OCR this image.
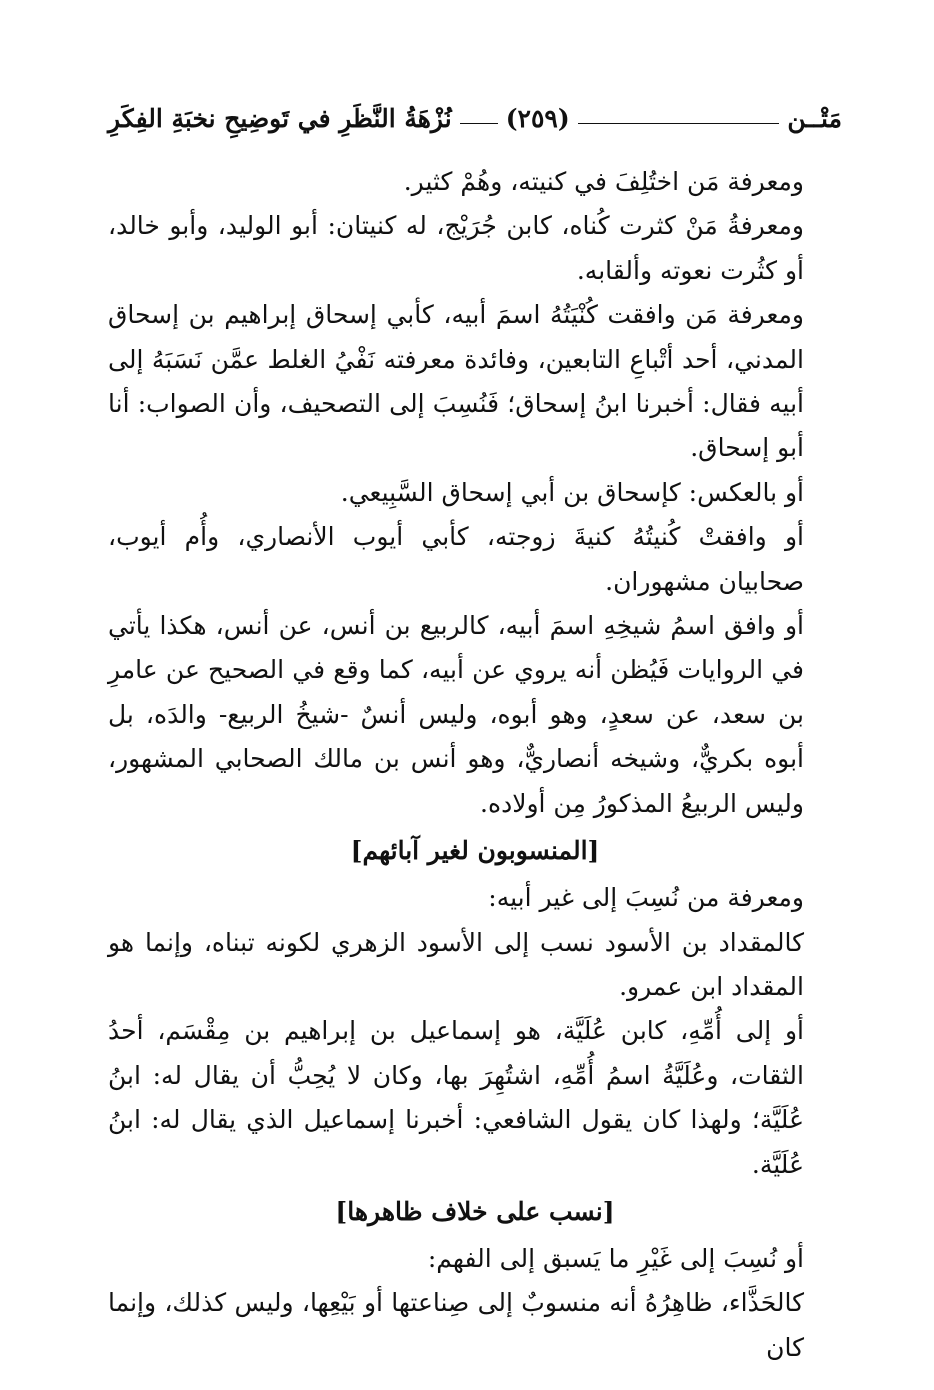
مَتْــن
(٢٥٩)
نُزْهَةُ النَّظَرِ في تَوضِيحِ نخبَةِ الفِكَرِ

ومعرفة مَن اختُلِفَ في كنيته، وهُمْ كثير.

ومعرفةُ مَنْ كثرت كُناه، كابن جُرَيْج، له كنيتان: أبو الوليد، وأبو خالد، أو كثُرت نعوته وألقابه.

ومعرفة مَن وافقت كُنْيَتُهُ اسمَ أبيه، كأبي إسحاق إبراهيم بن إسحاق المدني، أحد أتْباعِ التابعين، وفائدة معرفته نَفْيُ الغلط عمَّن نَسَبَهُ إلى أبيه فقال: أخبرنا ابنُ إسحاق؛ فَنُسِبَ إلى التصحيف، وأن الصواب: أنا أبو إسحاق.

أو بالعكس: كإسحاق بن أبي إسحاق السَّبِيعي.

أو وافقتْ كُنيتُهُ كنيةَ زوجته، كأبي أيوب الأنصاري، وأُم أيوب، صحابيان مشهوران.

أو وافق اسمُ شيخِهِ اسمَ أبيه، كالربيع بن أنس، عن أنس، هكذا يأتي في الروايات فَيُظن أنه يروي عن أبيه، كما وقع في الصحيح عن عامرِ بن سعد، عن سعدٍ، وهو أبوه، وليس أنسٌ -شيخُ الربيع- والدَه، بل أبوه بكريٌّ، وشيخه أنصاريٌّ، وهو أنس بن مالك الصحابي المشهور، وليس الربيعُ المذكورُ مِن أولاده.

[المنسوبون لغير آبائهم]

ومعرفة من نُسِبَ إلى غير أبيه:

كالمقداد بن الأسود نسب إلى الأسود الزهري لكونه تبناه، وإنما هو المقداد ابن عمرو.

أو إلى أُمِّهِ، كابن عُلَيَّة، هو إسماعيل بن إبراهيم بن مِقْسَم، أحدُ الثقات، وعُلَيَّةُ اسمُ أُمِّهِ، اشتُهِرَ بها، وكان لا يُحِبُّ أن يقال له: ابنُ عُلَيَّة؛ ولهذا كان يقول الشافعي: أخبرنا إسماعيل الذي يقال له: ابنُ عُلَيَّة.

[نسب على خلاف ظاهرها]

أو نُسِبَ إلى غَيْرِ ما يَسبق إلى الفهم:

كالحَذَّاء، ظاهِرُهُ أنه منسوبٌ إلى صِناعتها أو بَيْعِها، وليس كذلك، وإنما كان
